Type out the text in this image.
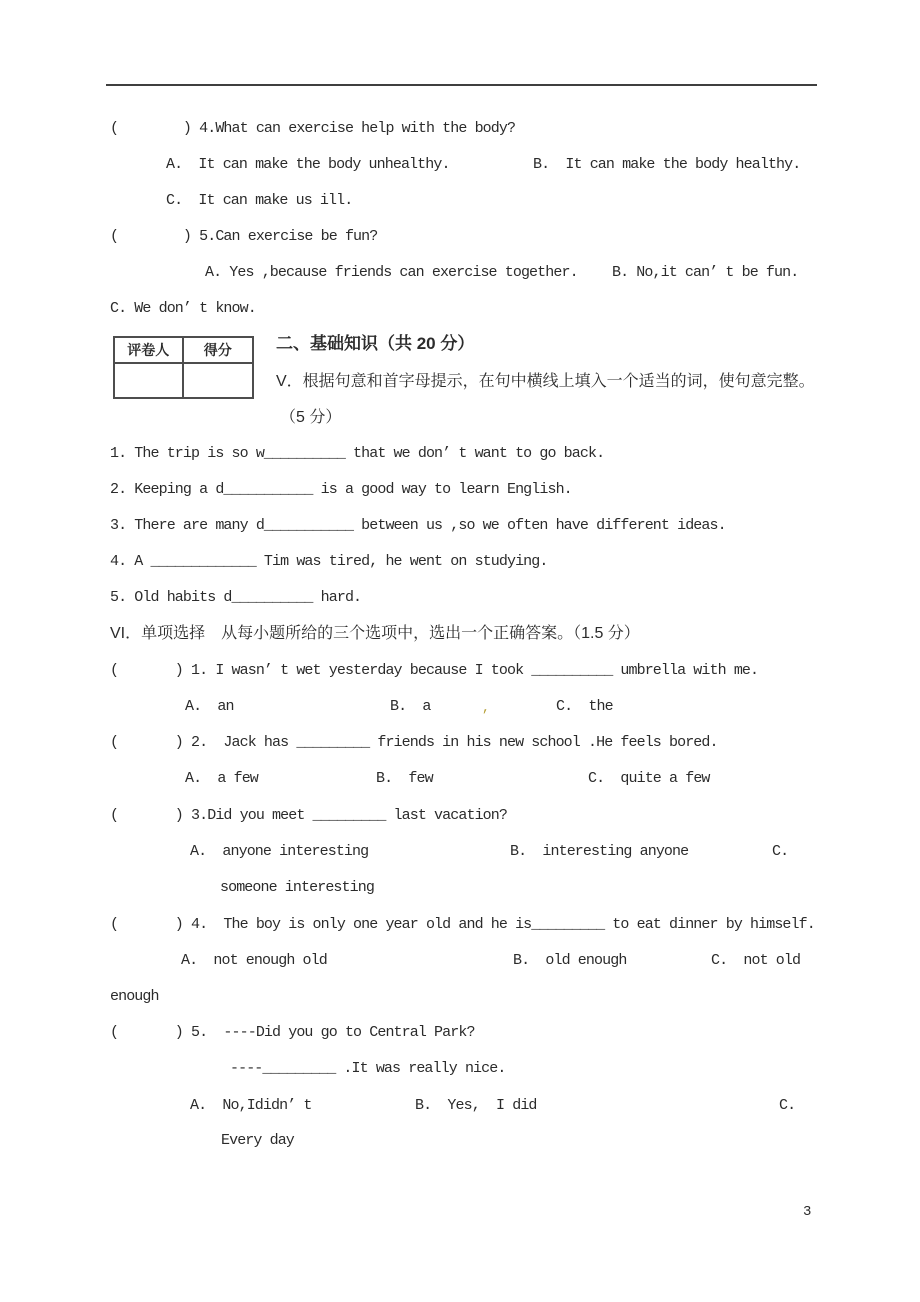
(        ) 4.What can exercise help with the body?
A.  It can make the body unhealthy.	B.  It can make the body healthy.
C.  It can make us ill.
(        ) 5.Can exercise be fun?
A. Yes ,because friends can exercise together. B. No,it can’ t be fun.
C. We don’ t know.
评卷人	得分	二、基础知识（共 20 分）
V．根据句意和首字母提示，在句中横线上填入一个适当的词，使句意完整。
（5 分）
1. The trip is so w__________ that we don’ t want to go back.
2. Keeping a d___________ is a good way to learn English.
3. There are many d___________ between us ,so we often have different ideas.
4. A _____________ Tim was tired, he went on studying.
5. Old habits d__________ hard.
VI．单项选择　从每小题所给的三个选项中，选出一个正确答案。（1.5 分）
(       ) 1. I wasn’ t wet yesterday because I took __________ umbrella with me.
A.  an	B.  a	,	C.  the
(       ) 2.  Jack has _________ friends in his new school .He feels bored.
A.  a few	B.  few	C.  quite a few
(       ) 3.Did you meet _________ last vacation?
A.  anyone interesting	B.  interesting anyone	C.
someone interesting
(       ) 4.  The boy is only one year old and he is_________ to eat dinner by himself.
A.  not enough old	B.  old enough	C.  not old
enough
(       ) 5.  ----Did you go to Central Park?
----_________ .It was really nice.
A.  No,Ididn’ t	B.  Yes,  I did	C.
Every day
3
